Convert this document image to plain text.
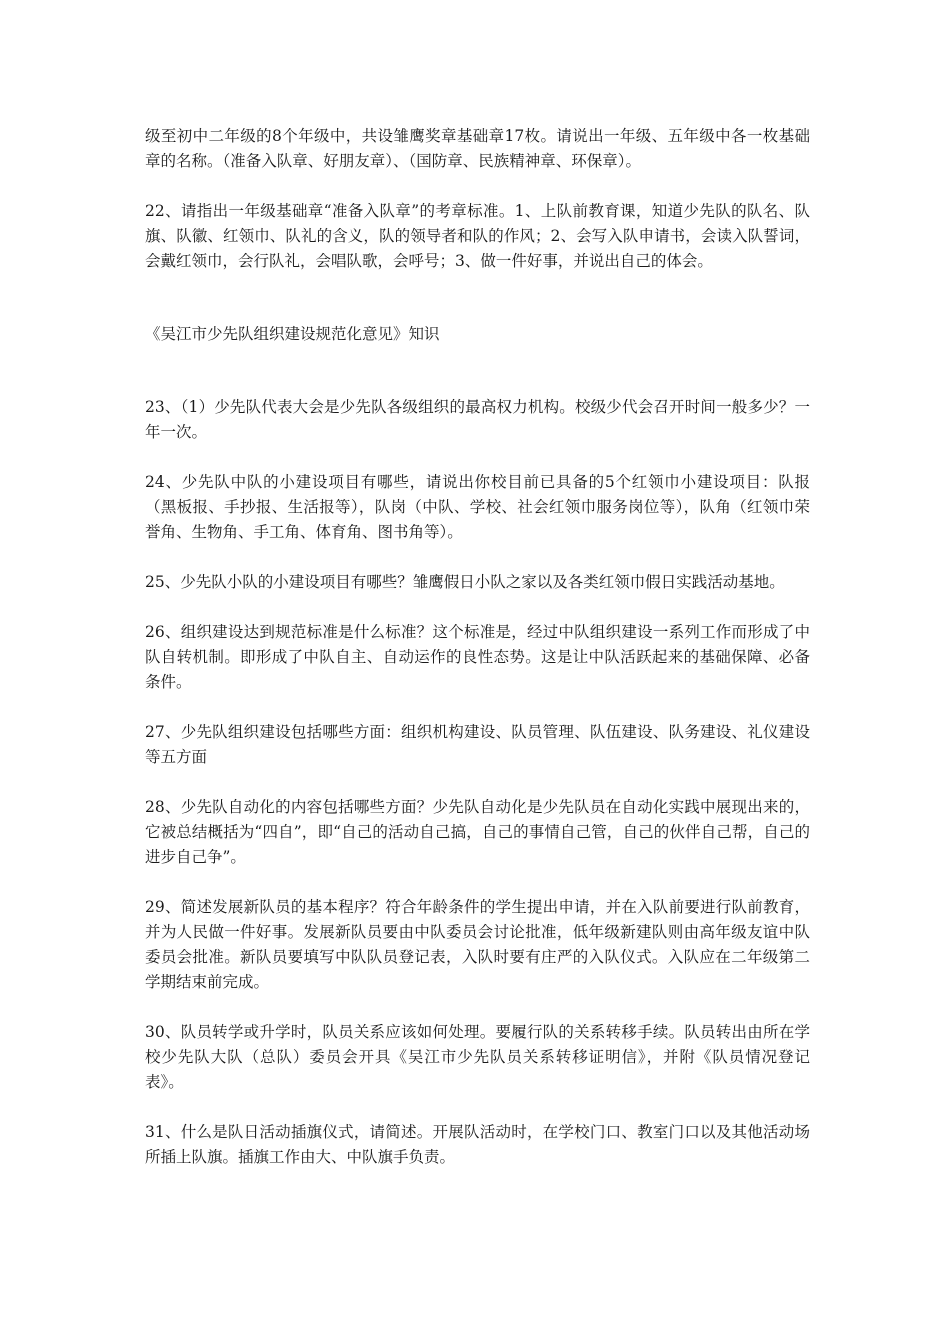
级至初中二年级的8个年级中，共设雏鹰奖章基础章17枚。请说出一年级、五年级中各一枚基础章的名称。（准备入队章、好朋友章）、（国防章、民族精神章、环保章）。

22、请指出一年级基础章“准备入队章”的考章标准。1、上队前教育课，知道少先队的队名、队旗、队徽、红领巾、队礼的含义，队的领导者和队的作风；2、会写入队申请书，会读入队誓词，会戴红领巾，会行队礼，会唱队歌，会呼号；3、做一件好事，并说出自己的体会。

《吴江市少先队组织建设规范化意见》知识

23、（1）少先队代表大会是少先队各级组织的最高权力机构。校级少代会召开时间一般多少？一年一次。

24、少先队中队的小建设项目有哪些，请说出你校目前已具备的5个红领巾小建设项目：队报（黑板报、手抄报、生活报等），队岗（中队、学校、社会红领巾服务岗位等），队角（红领巾荣誉角、生物角、手工角、体育角、图书角等）。

25、少先队小队的小建设项目有哪些？雏鹰假日小队之家以及各类红领巾假日实践活动基地。

26、组织建设达到规范标准是什么标准？这个标准是，经过中队组织建设一系列工作而形成了中队自转机制。即形成了中队自主、自动运作的良性态势。这是让中队活跃起来的基础保障、必备条件。

27、少先队组织建设包括哪些方面：组织机构建设、队员管理、队伍建设、队务建设、礼仪建设等五方面

28、少先队自动化的内容包括哪些方面？少先队自动化是少先队员在自动化实践中展现出来的，它被总结概括为“四自”，即“自己的活动自己搞，自己的事情自己管，自己的伙伴自己帮，自己的进步自己争”。

29、简述发展新队员的基本程序？符合年龄条件的学生提出申请，并在入队前要进行队前教育，并为人民做一件好事。发展新队员要由中队委员会讨论批准，低年级新建队则由高年级友谊中队委员会批准。新队员要填写中队队员登记表，入队时要有庄严的入队仪式。入队应在二年级第二学期结束前完成。

30、队员转学或升学时，队员关系应该如何处理。要履行队的关系转移手续。队员转出由所在学校少先队大队（总队）委员会开具《吴江市少先队员关系转移证明信》，并附《队员情况登记表》。

31、什么是队日活动插旗仪式，请简述。开展队活动时，在学校门口、教室门口以及其他活动场所插上队旗。插旗工作由大、中队旗手负责。
